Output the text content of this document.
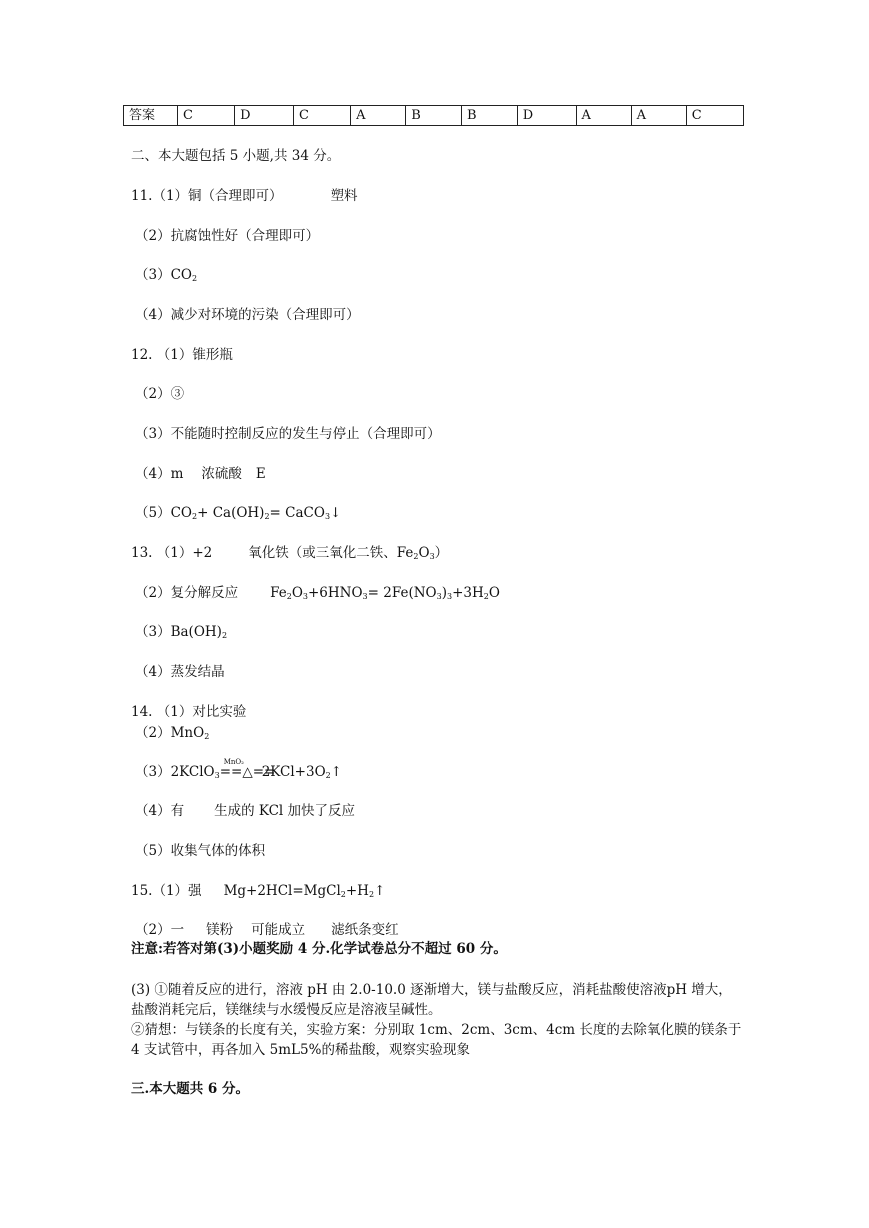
答案	C	D	C	A	B	B	D	A	A	C
二、本大题包括 5 小题,共 34 分。
11.（1）铜（合理即可）	塑料
（2）抗腐蚀性好（合理即可）
$(3)CO_2$
（4）减少对环境的污染（合理即可）
12. （1）锥形瓶
（2）③
（3）不能随时控制反应的发生与停止（合理即可）
（4）m 浓硫酸 E
$(5)CO_2+ Ca(OH)_2=$ CaCO$_3$↓
13. （1）+2	氧化铁（或三氧化二铁、$Fe_2O_3$）
（2）复分解反应 $Fe_2O_3+6HNO_3= 2Fe(NO_3)_3+3H_2O$
$(3)Ba(OH)_2$
（4）蒸发结晶
14. （1）对比实验
（2）MnO$_2$
（3）2KClO$_3$
MnO₂
$==\triangle==2KCl+3O_2↑$
（4）有 生成的 KCl 加快了反应
（5）收集气体的体积
15.（1）强 $Mg+2HCl=MgCl_2+H_2↑$
（2）一 镁粉 可能成立 滤纸条变红
注意:若答对第(3)小题奖励 4 分.化学试卷总分不超过 60 分。
(3) ①随着反应的进行，溶液 pH 由 2.0-10.0 逐渐增大，镁与盐酸反应，消耗盐酸使溶液pH 增大，盐酸消耗完后，镁继续与水缓慢反应是溶液呈碱性。
②猜想：与镁条的长度有关，实验方案：分别取 1cm、2cm、3cm、4cm 长度的去除氧化膜的镁条于 4 支试管中，再各加入 5mL5%的稀盐酸，观察实验现象
三.本大题共 6 分。
